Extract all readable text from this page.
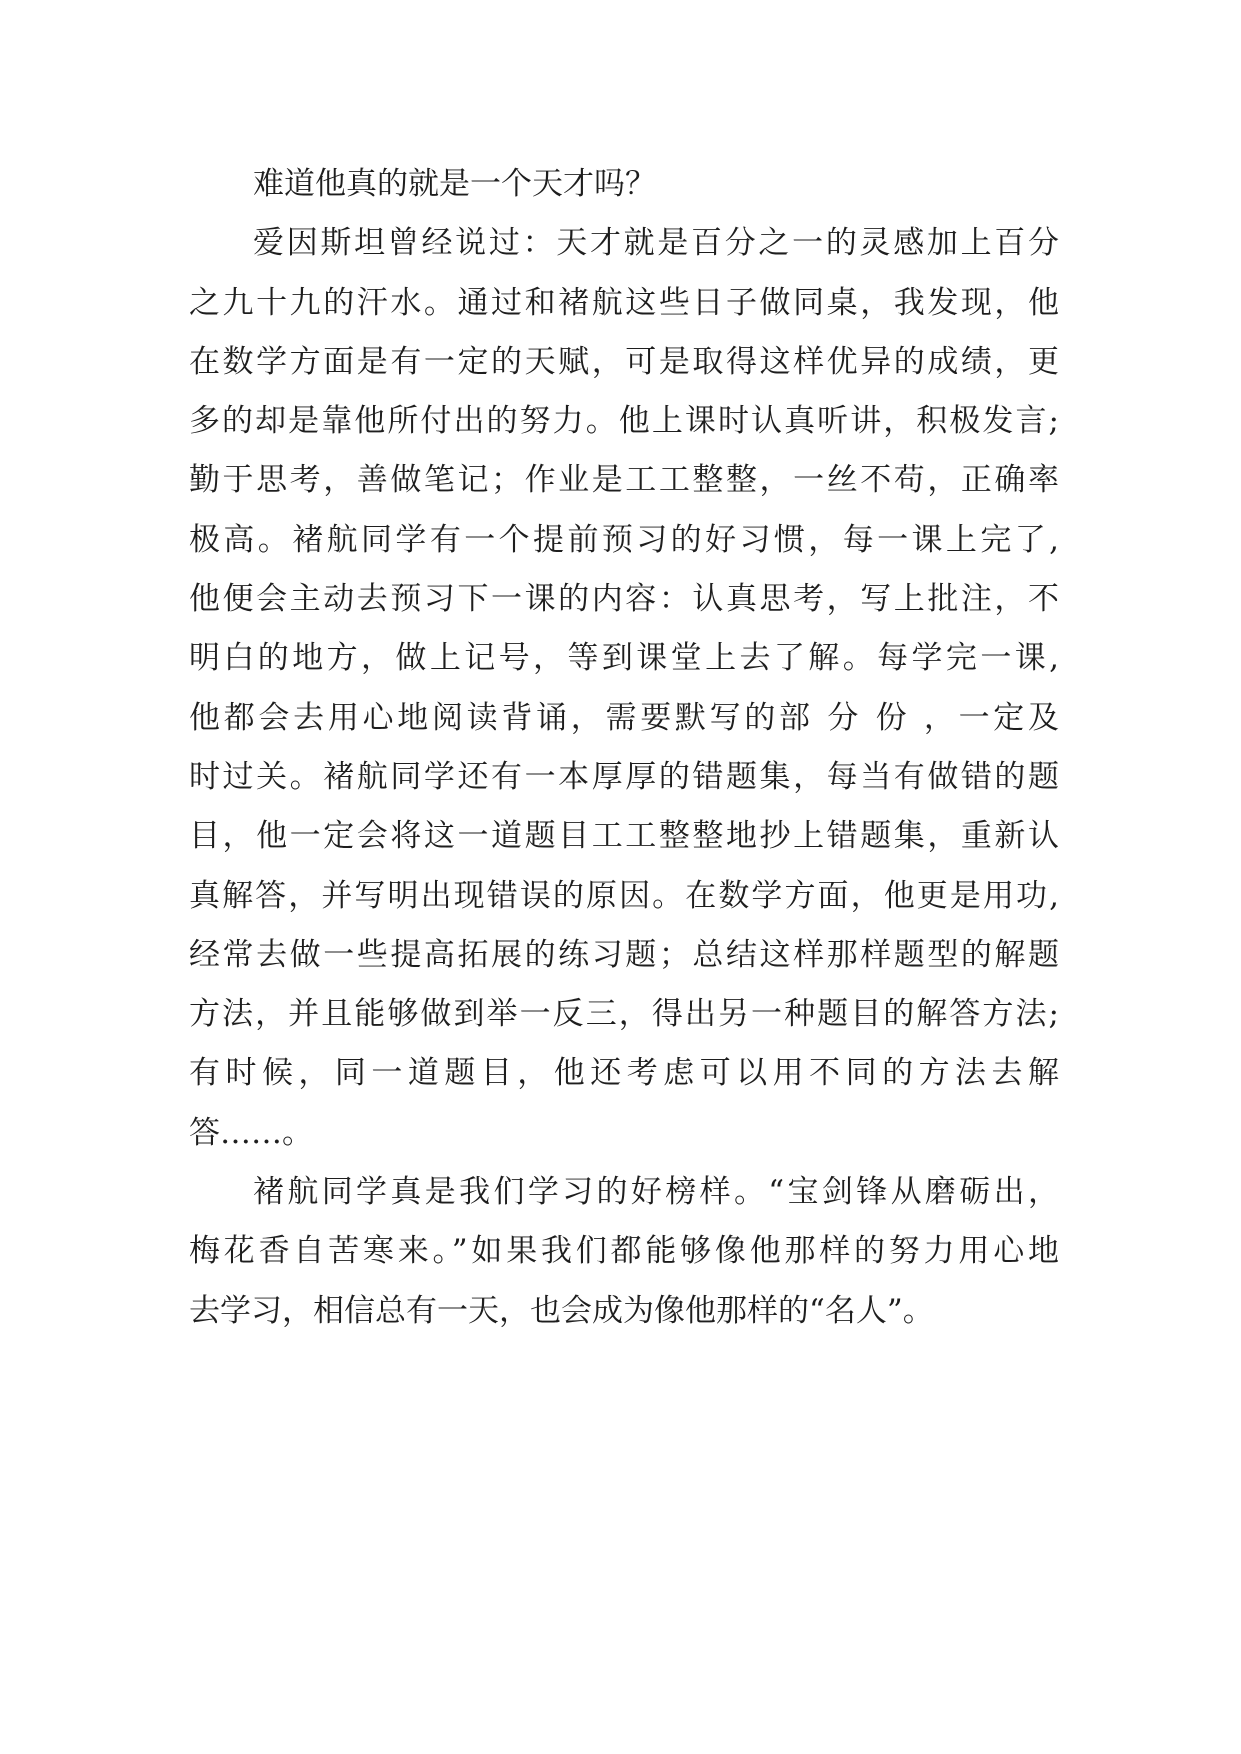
难道他真的就是一个天才吗？
爱因斯坦曾经说过：天才就是百分之一的灵感加上百分
之九十九的汗水。通过和褚航这些日子做同桌，我发现，他
在数学方面是有一定的天赋，可是取得这样优异的成绩，更
多的却是靠他所付出的努力。他上课时认真听讲，积极发言;
勤于思考，善做笔记；作业是工工整整，一丝不苟，正确率
极高。褚航同学有一个提前预习的好习惯，每一课上完了,
他便会主动去预习下一课的内容：认真思考，写上批注，不
明白的地方，做上记号，等到课堂上去了解。每学完一课,
他都会去用心地阅读背诵，需要默写的部 分 份 ，一定及
时过关。褚航同学还有一本厚厚的错题集，每当有做错的题
目，他一定会将这一道题目工工整整地抄上错题集，重新认
真解答，并写明出现错误的原因。在数学方面，他更是用功,
经常去做一些提高拓展的练习题；总结这样那样题型的解题
方法，并且能够做到举一反三，得出另一种题目的解答方法;
有时候，同一道题目，他还考虑可以用不同的方法去解
答……。
褚航同学真是我们学习的好榜样。“宝剑锋从磨砺出，
梅花香自苦寒来。”如果我们都能够像他那样的努力用心地
去学习，相信总有一天，也会成为像他那样的“名人”。
